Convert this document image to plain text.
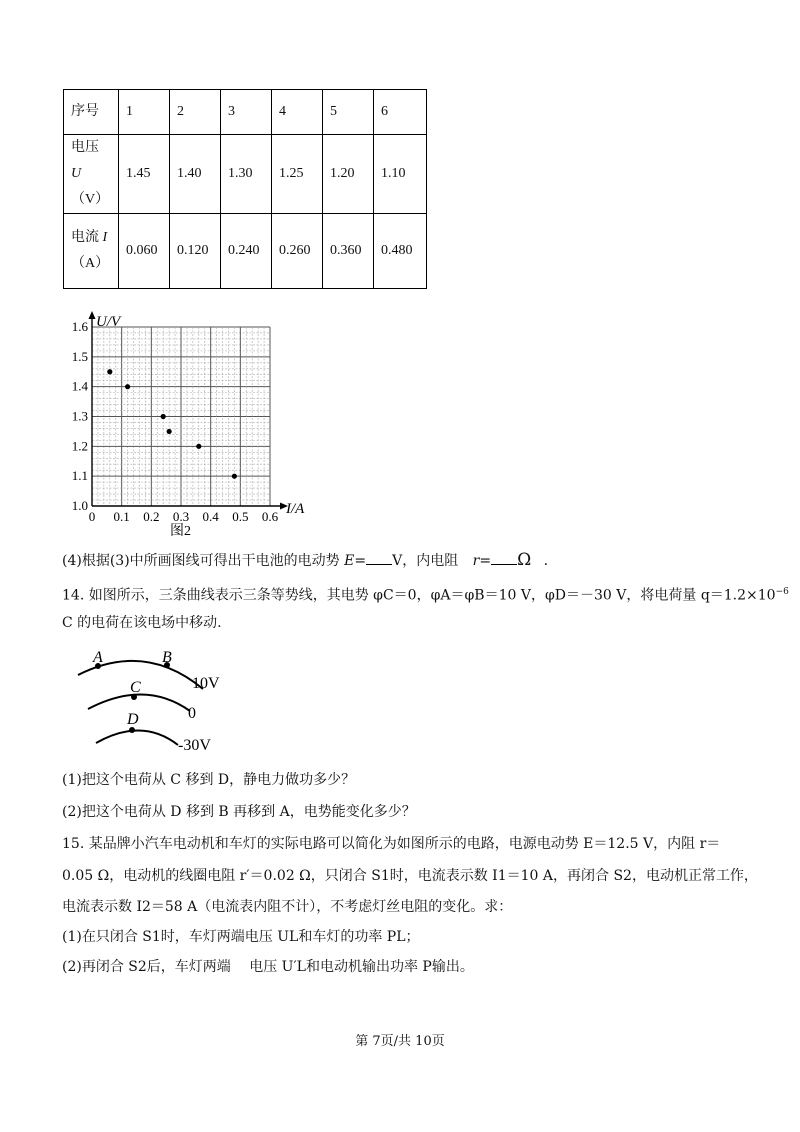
序号	1	2	3	4	5	6
电压
U（V）	1.45	1.40	1.30	1.25	1.20	1.10
电流 I
（A）	0.060	0.120	0.240	0.260	0.360	0.480
0 0.1 0.2 0.3 0.4 0.5 0.6
1.0
1.1
1.2
1.3
1.4
1.5
1.6 U/V
I/A
图2
(4)根据(3)中所画图线可得出干电池的电动势 E= V，内电阻 r= Ω .
14. 如图所示，三条曲线表示三条等势线，其电势 φC＝0，φA＝φB＝10 V，φD＝－30 V，将电荷量 $q=1.2\times 10^{-6}$
C 的电荷在该电场中移动.
A	B
C
D
10V
0
-30V
(1)把这个电荷从 C 移到 D，静电力做功多少？
(2)把这个电荷从 D 移到 B 再移到 A，电势能变化多少？
15. 某品牌小汽车电动机和车灯的实际电路可以简化为如图所示的电路，电源电动势 E＝12.5 V，内阻 r＝
0.05 Ω，电动机的线圈电阻 r′＝0.02 Ω，只闭合 S1时，电流表示数 I1＝10 A，再闭合 S2，电动机正常工作，
电流表示数 I2＝58 A（电流表内阻不计），不考虑灯丝电阻的变化。求：
(1)在只闭合 S1时，车灯两端电压 UL和车灯的功率 PL；
(2)再闭合 S2后，车灯两端　 电压 U′L和电动机输出功率 P输出。
第 7页/共 10页
